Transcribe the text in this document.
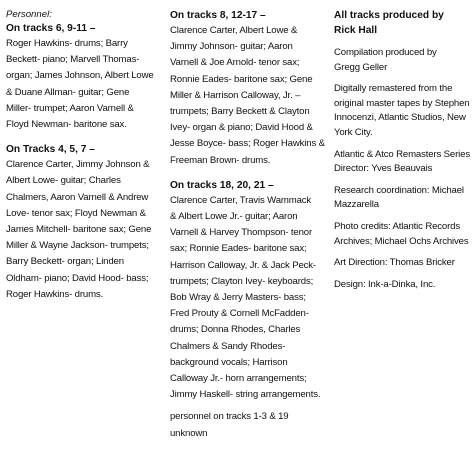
Personnel:
On tracks 6, 9-11 –
Roger Hawkins- drums; Barry
Beckett- piano; Marvell Thomas-
organ; James Johnson, Albert Lowe
& Duane Allman- guitar; Gene
Miller- trumpet; Aaron Varnell &
Floyd Newman- baritone sax.
On Tracks 4, 5, 7 –
Clarence Carter, Jimmy Johnson &
Albert Lowe- guitar; Charles
Chalmers, Aaron Varnell & Andrew
Love- tenor sax; Floyd Newman &
James Mitchell- baritone sax; Gene
Miller & Wayne Jackson- trumpets;
Barry Beckett- organ; Linden
Oldham- piano; David Hood- bass;
Roger Hawkins- drums.
On tracks 8, 12-17 –
Clarence Carter, Albert Lowe &
Jimmy Johnson- guitar; Aaron
Varnell & Joe Arnold- tenor sax;
Ronnie Eades- baritone sax; Gene
Miller & Harrison Calloway, Jr. –
trumpets; Barry Beckett & Clayton
Ivey- organ & piano; David Hood &
Jesse Boyce- bass; Roger Hawkins &
Freeman Brown- drums.
On tracks 18, 20, 21 –
Clarence Carter, Travis Wammack
& Albert Lowe Jr.- guitar; Aaron
Varnell & Harvey Thompson- tenor
sax; Ronnie Eades- baritone sax;
Harrison Calloway, Jr. & Jack Peck-
trumpets; Clayton Ivey- keyboards;
Bob Wray & Jerry Masters- bass;
Fred Prouty & Cornell McFadden-
drums; Donna Rhodes, Charles
Chalmers & Sandy Rhodes-
background vocals; Harrison
Calloway Jr.- horn arrangements;
Jimmy Haskell- string arrangements.
personnel on tracks 1-3 & 19
unknown
All tracks produced by
Rick Hall
Compilation produced by
Gregg Geller
Digitally remastered from the
original master tapes by Stephen
Innocenzi, Atlantic Studios, New
York City.
Atlantic & Atco Remasters Series
Director: Yves Beauvais
Research coordination: Michael
Mazzarella
Photo credits: Atlantic Records
Archives; Michael Ochs Archives
Art Direction: Thomas Bricker
Design: Ink-a-Dinka, Inc.
